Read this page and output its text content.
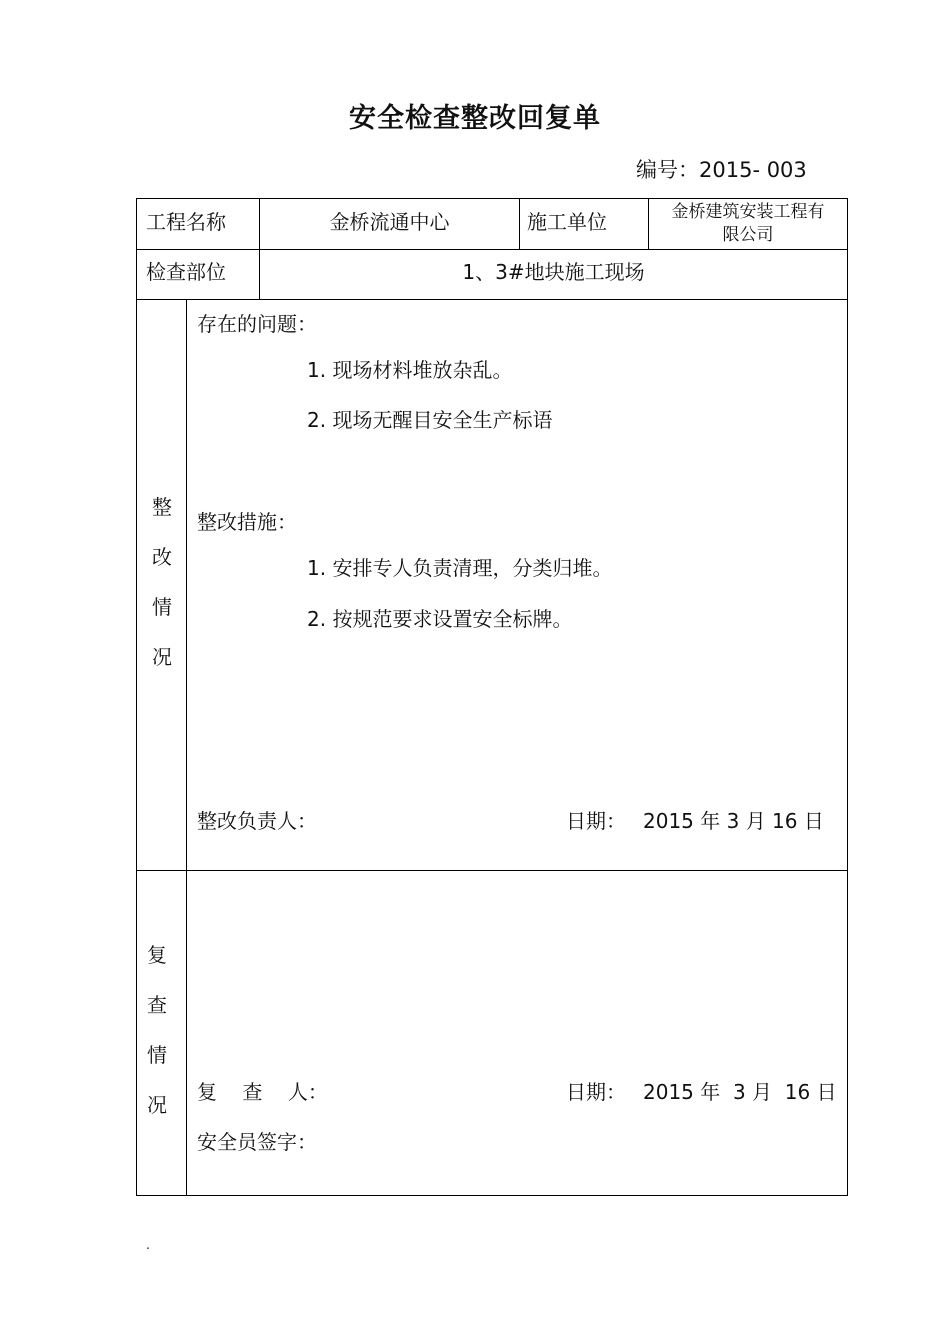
安全检查整改回复单
编号：2015- 003
工程名称	金桥流通中心	施工单位	金桥建筑安装工程有
限公司
检查部位	1、3#地块施工现场
整
改
情
况
存在的问题：
1. 现场材料堆放杂乱。
2. 现场无醒目安全生产标语
整改措施：
1. 安排专人负责清理，分类归堆。
2. 按规范要求设置安全标牌。
整改负责人：	日期： 2015 年 3 月 16 日
复
查
情
况
复    查    人：	日期： 2015 年  3 月  16 日
安全员签字：
.
